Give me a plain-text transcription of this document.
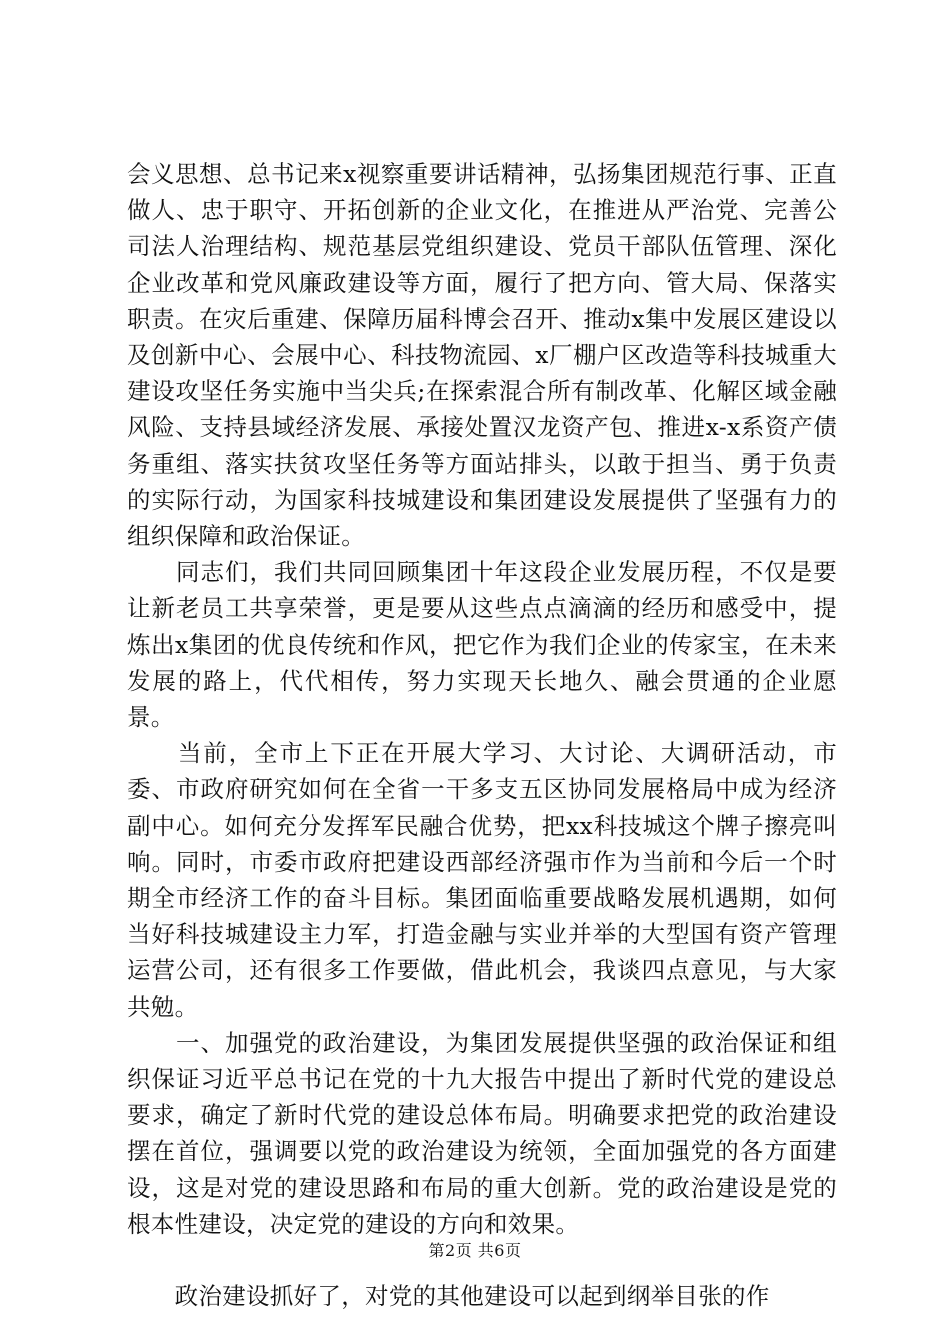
会义思想、总书记来x视察重要讲话精神，弘扬集团规范行事、正直做人、忠于职守、开拓创新的企业文化，在推进从严治党、完善公司法人治理结构、规范基层党组织建设、党员干部队伍管理、深化企业改革和党风廉政建设等方面，履行了把方向、管大局、保落实职责。在灾后重建、保障历届科博会召开、推动x集中发展区建设以及创新中心、会展中心、科技物流园、x厂棚户区改造等科技城重大建设攻坚任务实施中当尖兵;在探索混合所有制改革、化解区域金融风险、支持县域经济发展、承接处置汉龙资产包、推进x-x系资产债务重组、落实扶贫攻坚任务等方面站排头，以敢于担当、勇于负责的实际行动，为国家科技城建设和集团建设发展提供了坚强有力的组织保障和政治保证。

　　同志们，我们共同回顾集团十年这段企业发展历程，不仅是要让新老员工共享荣誉，更是要从这些点点滴滴的经历和感受中，提炼出x集团的优良传统和作风，把它作为我们企业的传家宝，在未来发展的路上，代代相传，努力实现天长地久、融会贯通的企业愿景。

　　当前，全市上下正在开展大学习、大讨论、大调研活动，市委、市政府研究如何在全省一干多支五区协同发展格局中成为经济副中心。如何充分发挥军民融合优势，把xx科技城这个牌子擦亮叫响。同时，市委市政府把建设西部经济强市作为当前和今后一个时期全市经济工作的奋斗目标。集团面临重要战略发展机遇期，如何当好科技城建设主力军，打造金融与实业并举的大型国有资产管理运营公司，还有很多工作要做，借此机会，我谈四点意见，与大家共勉。

　　一、加强党的政治建设，为集团发展提供坚强的政治保证和组织保证习近平总书记在党的十九大报告中提出了新时代党的建设总要求，确定了新时代党的建设总体布局。明确要求把党的政治建设摆在首位，强调要以党的政治建设为统领，全面加强党的各方面建设，这是对党的建设思路和布局的重大创新。党的政治建设是党的根本性建设，决定党的建设的方向和效果。

　　政治建设抓好了，对党的其他建设可以起到纲举目张的作

第2页 共6页
